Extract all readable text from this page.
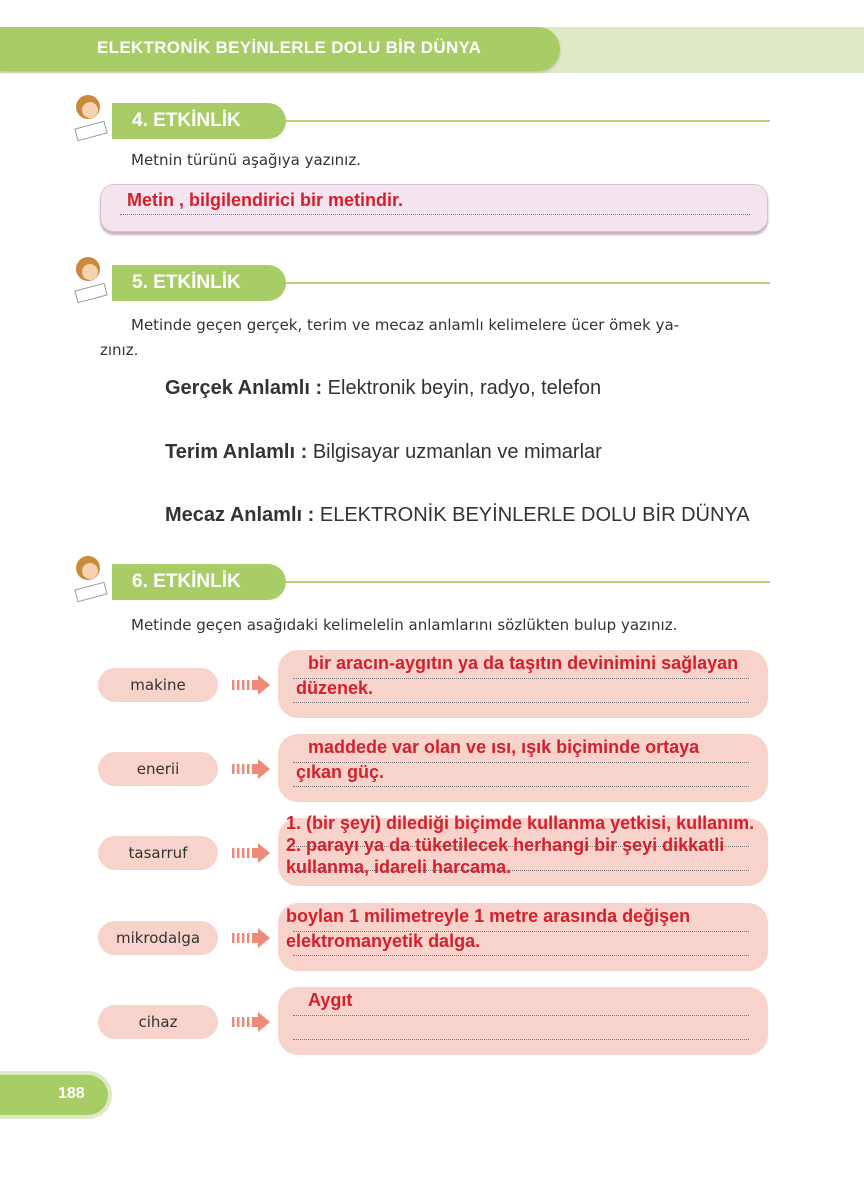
ELEKTRONİK BEYİNLERLE DOLU BİR DÜNYA
4. ETKİNLİK
Metnin türünü aşağıya yazınız.
Metin , bilgilendirici bir metindir.
5. ETKİNLİK
Metinde geçen gerçek, terim ve mecaz anlamlı kelimelere ücer ömek ya-
zınız.
Gerçek Anlamlı : Elektronik beyin, radyo, telefon
Terim Anlamlı : Bilgisayar uzmanlan ve mimarlar
Mecaz Anlamlı : ELEKTRONİK BEYİNLERLE DOLU BİR DÜNYA
6. ETKİNLİK
Metinde geçen asağıdaki kelimelelin anlamlarını sözlükten bulup yazınız.
makine
bir aracın-aygıtın ya da taşıtın devinimini sağlayan
düzenek.
enerii
maddede var olan ve ısı, ışık biçiminde ortaya
çıkan güç.
tasarruf
1. (bir şeyi) dilediği biçimde kullanma yetkisi, kullanım.
2. parayı ya da tüketilecek herhangi bir şeyi dikkatli
kullanma, idareli harcama.
mikrodalga
boylan 1 milimetreyle 1 metre arasında değişen
elektromanyetik dalga.
cihaz
Aygıt
188
